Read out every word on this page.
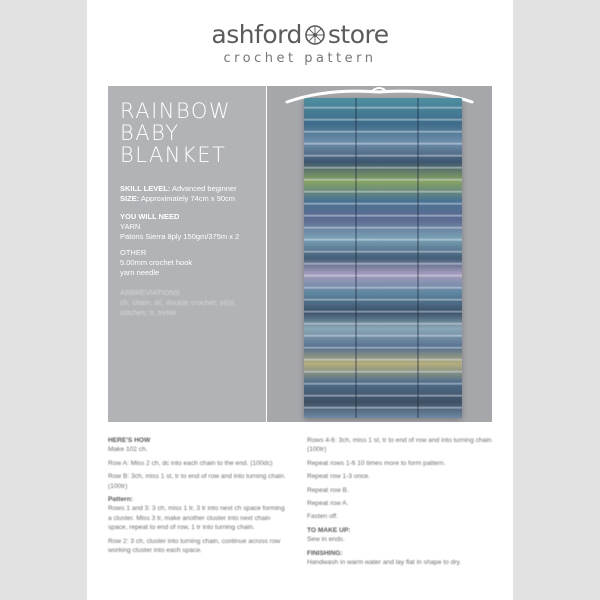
ashford store
crochet pattern
RAINBOW
BABY
BLANKET
SKILL LEVEL: Advanced beginner
SIZE: Approximately 74cm x 90cm
YOU WILL NEED
YARN
Patons Sierra 8ply 150gm/375m x 2
OTHER
5.00mm crochet hook
yarn needle
ABBREVIATIONS
ch, chain; dc, double crochet; st(s),
stitches; tr, treble

HERE'S HOW
Make 102 ch.

Row A: Miss 2 ch, dc into each chain to the end. (100dc)

Row B: 3ch, miss 1 st, tr to end of row and into turning chain. (100tr)

Pattern:
Rows 1 and 3: 3 ch, miss 1 tr, 3 tr into next ch space forming a cluster. Miss 3 tr, make another cluster into next chain space, repeat to end of row, 1 tr into turning chain.

Row 2: 3 ch, cluster into turning chain, continue across row working cluster into each space.

Rows 4-6: 3ch, miss 1 st, tr to end of row and into turning chain. (100tr)

Repeat rows 1-6 10 times more to form pattern.

Repeat row 1-3 once.

Repeat row B.

Repeat row A.

Fasten off.

TO MAKE UP:
Sew in ends.

FINISHING:
Handwash in warm water and lay flat in shape to dry.
